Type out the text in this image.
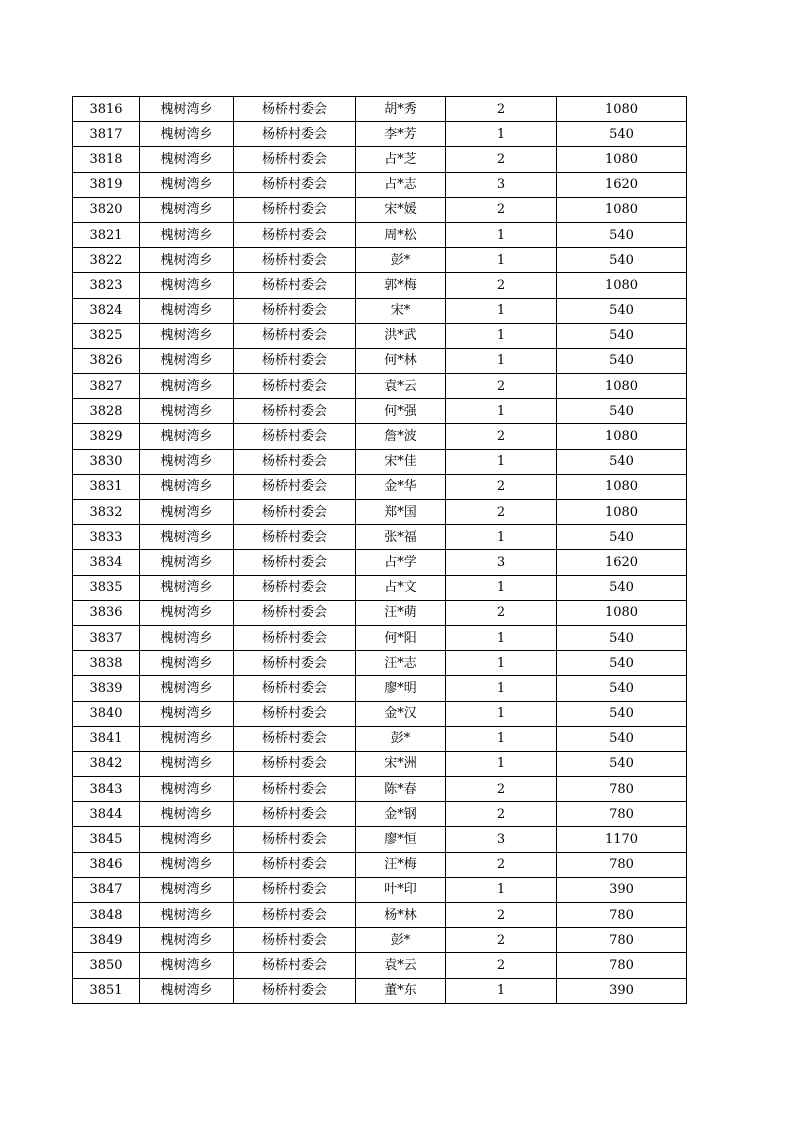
3816	槐树湾乡	杨桥村委会	胡*秀	2	1080
3817	槐树湾乡	杨桥村委会	李*芳	1	540
3818	槐树湾乡	杨桥村委会	占*芝	2	1080
3819	槐树湾乡	杨桥村委会	占*志	3	1620
3820	槐树湾乡	杨桥村委会	宋*媛	2	1080
3821	槐树湾乡	杨桥村委会	周*松	1	540
3822	槐树湾乡	杨桥村委会	彭*	1	540
3823	槐树湾乡	杨桥村委会	郭*梅	2	1080
3824	槐树湾乡	杨桥村委会	宋*	1	540
3825	槐树湾乡	杨桥村委会	洪*武	1	540
3826	槐树湾乡	杨桥村委会	何*林	1	540
3827	槐树湾乡	杨桥村委会	袁*云	2	1080
3828	槐树湾乡	杨桥村委会	何*强	1	540
3829	槐树湾乡	杨桥村委会	詹*波	2	1080
3830	槐树湾乡	杨桥村委会	宋*佳	1	540
3831	槐树湾乡	杨桥村委会	金*华	2	1080
3832	槐树湾乡	杨桥村委会	郑*国	2	1080
3833	槐树湾乡	杨桥村委会	张*福	1	540
3834	槐树湾乡	杨桥村委会	占*学	3	1620
3835	槐树湾乡	杨桥村委会	占*文	1	540
3836	槐树湾乡	杨桥村委会	汪*萌	2	1080
3837	槐树湾乡	杨桥村委会	何*阳	1	540
3838	槐树湾乡	杨桥村委会	汪*志	1	540
3839	槐树湾乡	杨桥村委会	廖*明	1	540
3840	槐树湾乡	杨桥村委会	金*汉	1	540
3841	槐树湾乡	杨桥村委会	彭*	1	540
3842	槐树湾乡	杨桥村委会	宋*洲	1	540
3843	槐树湾乡	杨桥村委会	陈*春	2	780
3844	槐树湾乡	杨桥村委会	金*钢	2	780
3845	槐树湾乡	杨桥村委会	廖*恒	3	1170
3846	槐树湾乡	杨桥村委会	汪*梅	2	780
3847	槐树湾乡	杨桥村委会	叶*印	1	390
3848	槐树湾乡	杨桥村委会	杨*林	2	780
3849	槐树湾乡	杨桥村委会	彭*	2	780
3850	槐树湾乡	杨桥村委会	袁*云	2	780
3851	槐树湾乡	杨桥村委会	董*东	1	390
